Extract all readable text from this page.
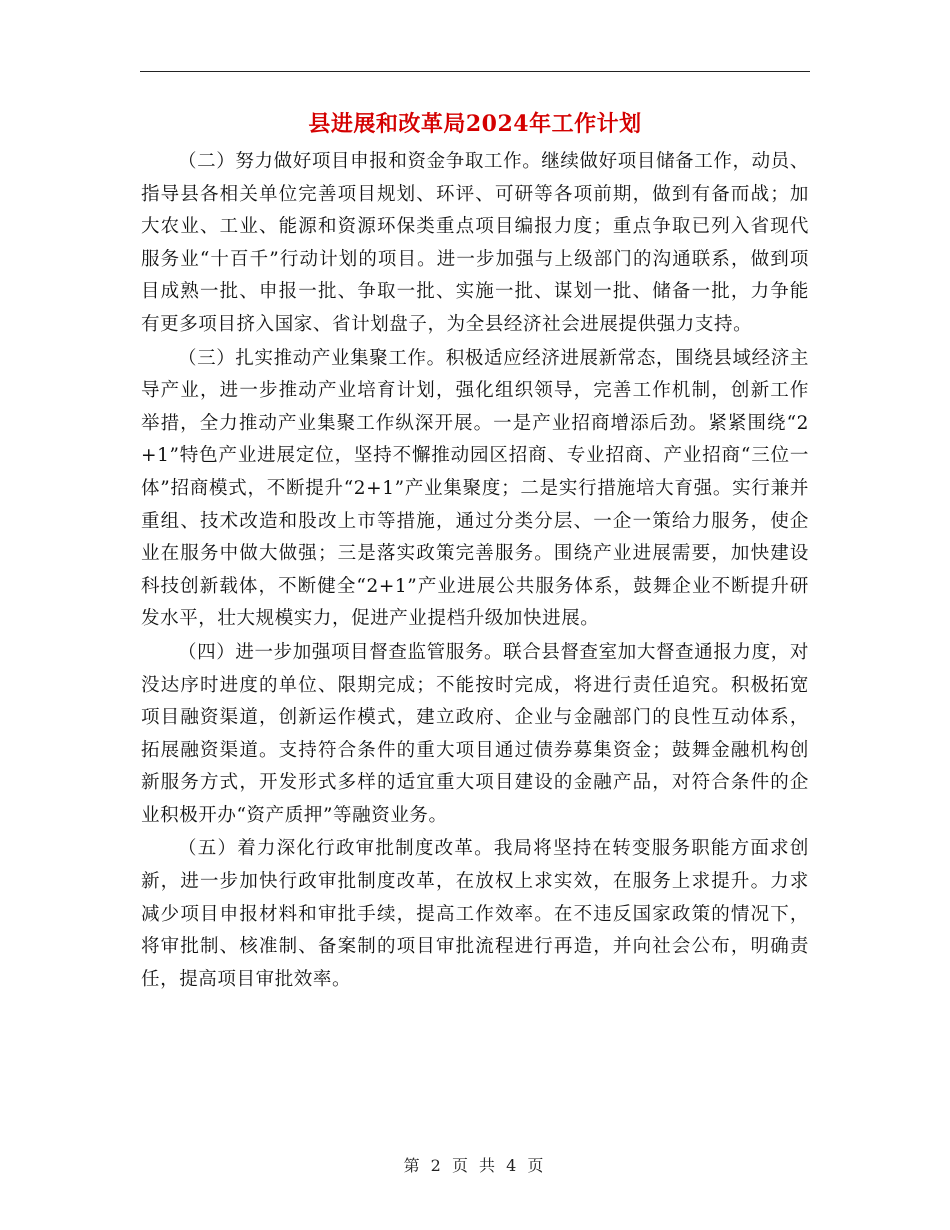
县进展和改革局2024年工作计划

（二）努力做好项目申报和资金争取工作。继续做好项目储备工作，动员、指导县各相关单位完善项目规划、环评、可研等各项前期，做到有备而战；加大农业、工业、能源和资源环保类重点项目编报力度；重点争取已列入省现代服务业“十百千”行动计划的项目。进一步加强与上级部门的沟通联系，做到项目成熟一批、申报一批、争取一批、实施一批、谋划一批、储备一批，力争能有更多项目挤入国家、省计划盘子，为全县经济社会进展提供强力支持。

（三）扎实推动产业集聚工作。积极适应经济进展新常态，围绕县域经济主导产业，进一步推动产业培育计划，强化组织领导，完善工作机制，创新工作举措，全力推动产业集聚工作纵深开展。一是产业招商增添后劲。紧紧围绕“2+1”特色产业进展定位，坚持不懈推动园区招商、专业招商、产业招商“三位一体”招商模式，不断提升“2+1”产业集聚度；二是实行措施培大育强。实行兼并重组、技术改造和股改上市等措施，通过分类分层、一企一策给力服务，使企业在服务中做大做强；三是落实政策完善服务。围绕产业进展需要，加快建设科技创新载体，不断健全“2+1”产业进展公共服务体系，鼓舞企业不断提升研发水平，壮大规模实力，促进产业提档升级加快进展。

（四）进一步加强项目督查监管服务。联合县督查室加大督查通报力度，对没达序时进度的单位、限期完成；不能按时完成，将进行责任追究。积极拓宽项目融资渠道，创新运作模式，建立政府、企业与金融部门的良性互动体系，拓展融资渠道。支持符合条件的重大项目通过债券募集资金；鼓舞金融机构创新服务方式，开发形式多样的适宜重大项目建设的金融产品，对符合条件的企业积极开办“资产质押”等融资业务。

（五）着力深化行政审批制度改革。我局将坚持在转变服务职能方面求创新，进一步加快行政审批制度改革，在放权上求实效，在服务上求提升。力求减少项目申报材料和审批手续，提高工作效率。在不违反国家政策的情况下，将审批制、核准制、备案制的项目审批流程进行再造，并向社会公布，明确责任，提高项目审批效率。

第 2 页 共 4 页
